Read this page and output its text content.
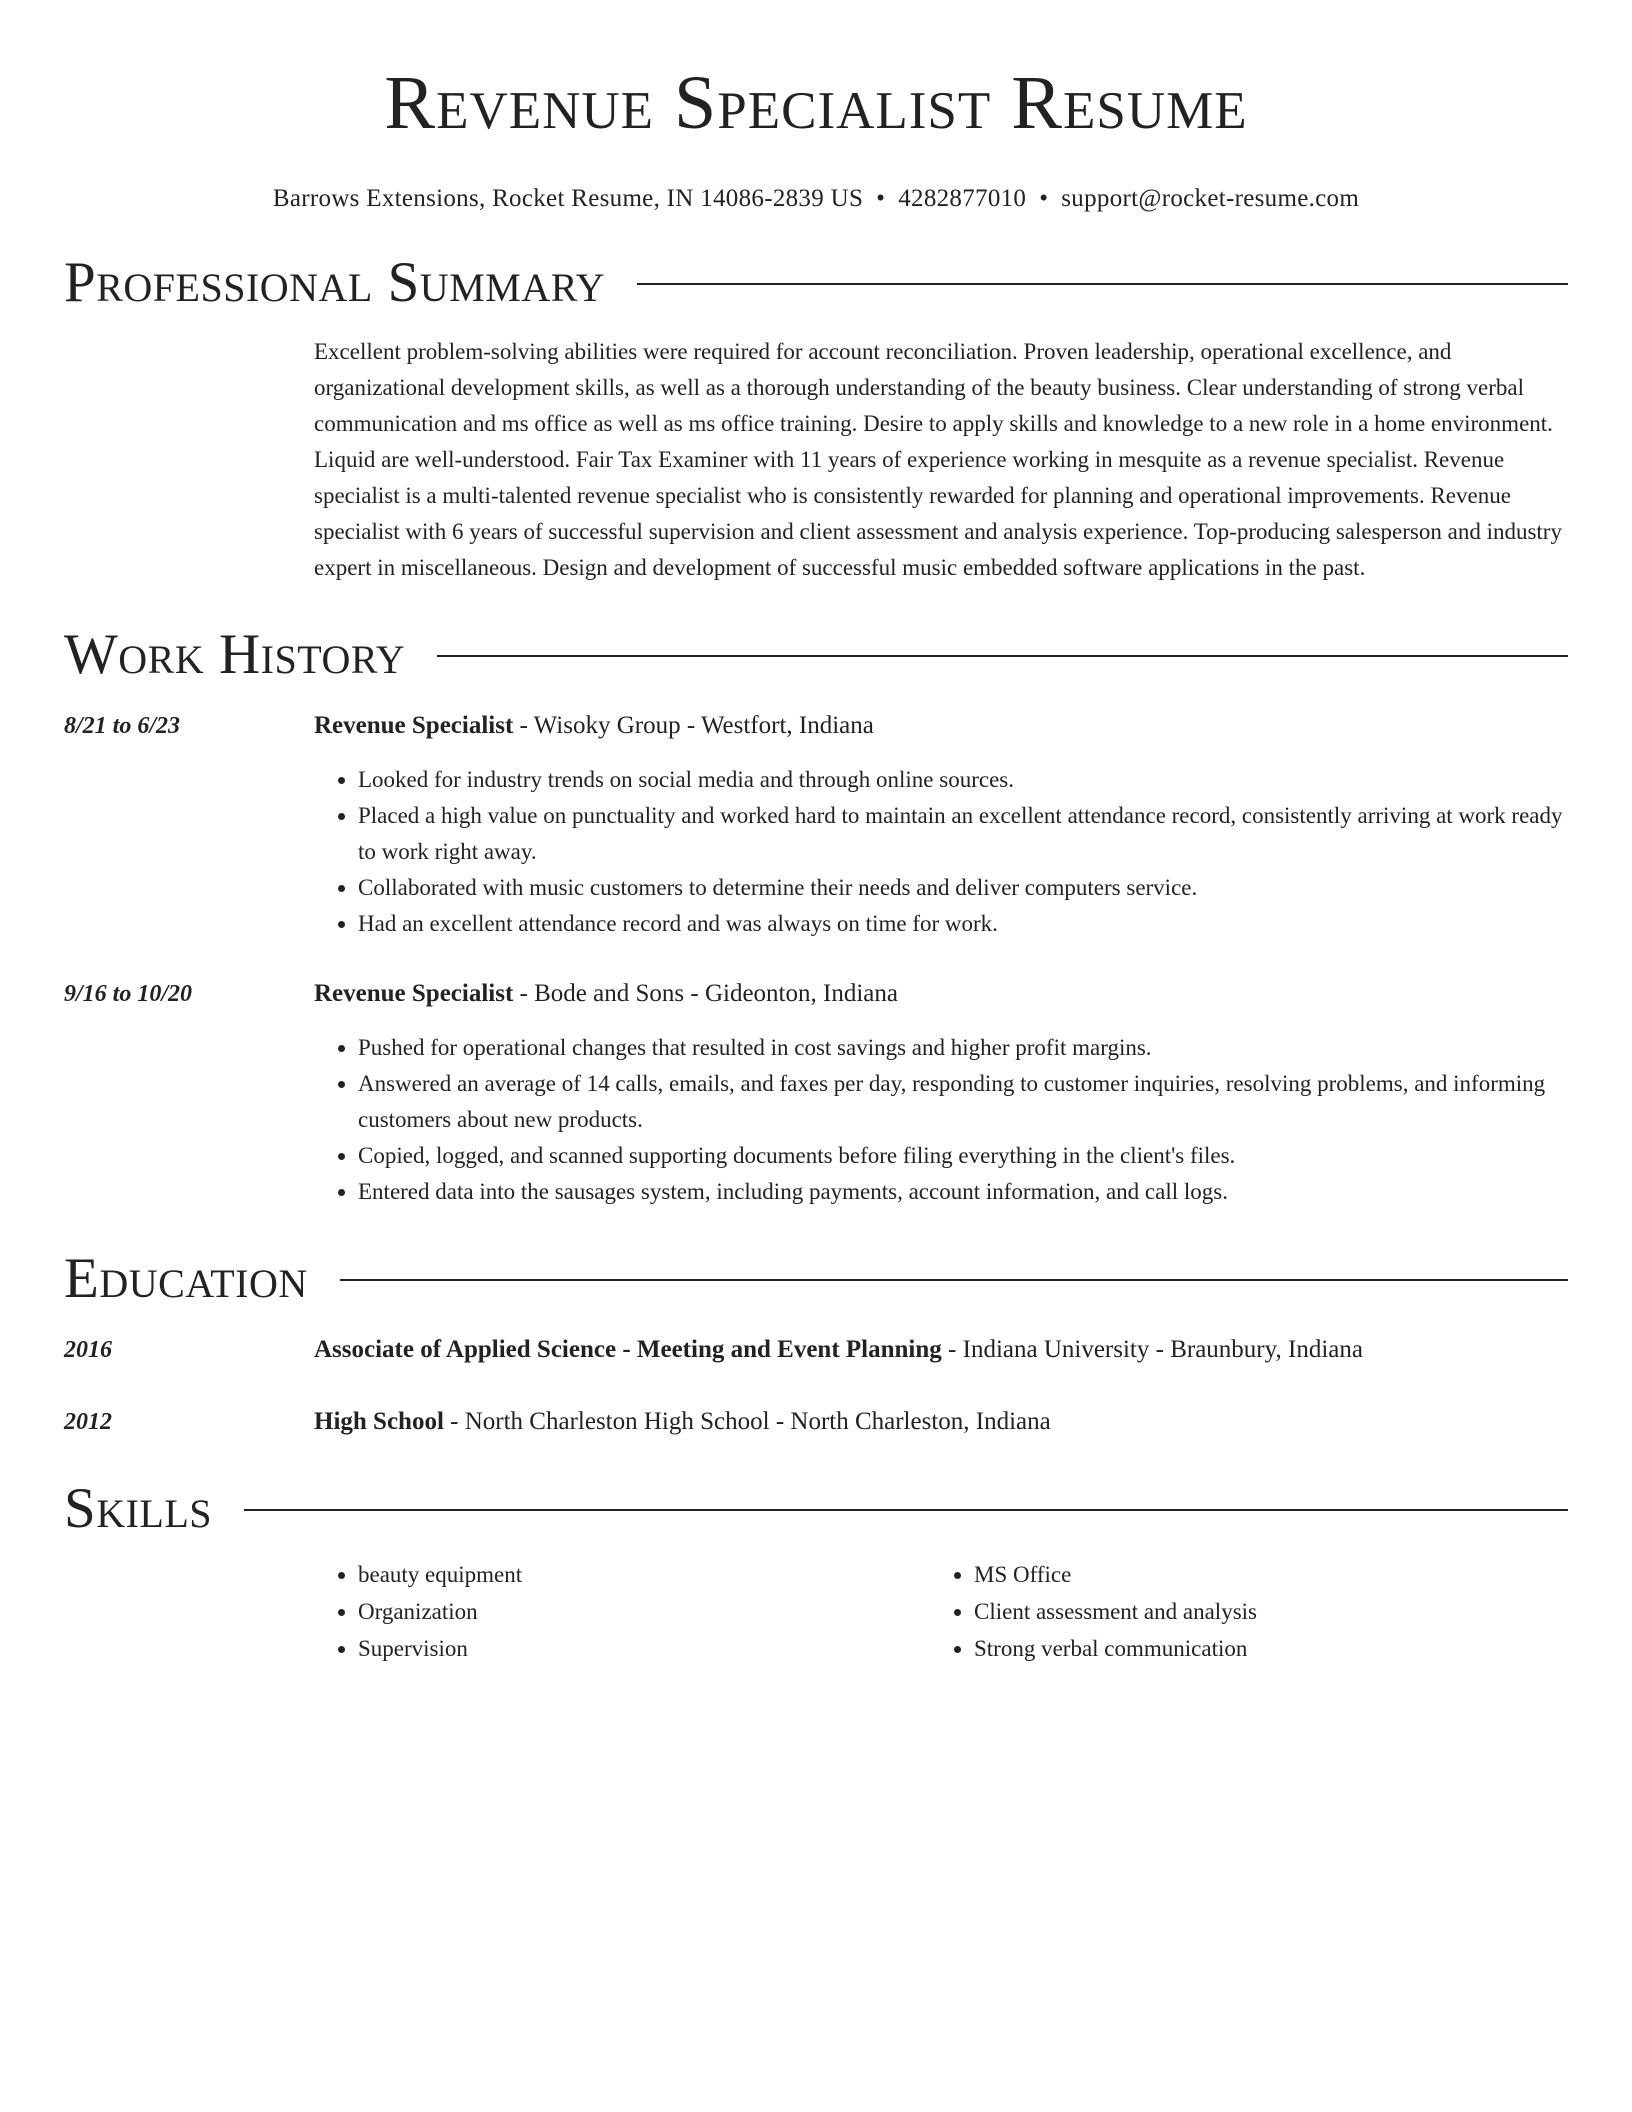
Revenue Specialist Resume
Barrows Extensions, Rocket Resume, IN 14086-2839 US • 4282877010 • support@rocket-resume.com
Professional Summary
Excellent problem-solving abilities were required for account reconciliation. Proven leadership, operational excellence, and organizational development skills, as well as a thorough understanding of the beauty business. Clear understanding of strong verbal communication and ms office as well as ms office training. Desire to apply skills and knowledge to a new role in a home environment. Liquid are well-understood. Fair Tax Examiner with 11 years of experience working in mesquite as a revenue specialist. Revenue specialist is a multi-talented revenue specialist who is consistently rewarded for planning and operational improvements. Revenue specialist with 6 years of successful supervision and client assessment and analysis experience. Top-producing salesperson and industry expert in miscellaneous. Design and development of successful music embedded software applications in the past.
Work History
8/21 to 6/23	Revenue Specialist - Wisoky Group - Westfort, Indiana
• Looked for industry trends on social media and through online sources.
• Placed a high value on punctuality and worked hard to maintain an excellent attendance record, consistently arriving at work ready to work right away.
• Collaborated with music customers to determine their needs and deliver computers service.
• Had an excellent attendance record and was always on time for work.
9/16 to 10/20	Revenue Specialist - Bode and Sons - Gideonton, Indiana
• Pushed for operational changes that resulted in cost savings and higher profit margins.
• Answered an average of 14 calls, emails, and faxes per day, responding to customer inquiries, resolving problems, and informing customers about new products.
• Copied, logged, and scanned supporting documents before filing everything in the client's files.
• Entered data into the sausages system, including payments, account information, and call logs.
Education
2016	Associate of Applied Science - Meeting and Event Planning - Indiana University - Braunbury, Indiana
2012	High School - North Charleston High School - North Charleston, Indiana
Skills
• beauty equipment
• Organization
• Supervision
• MS Office
• Client assessment and analysis
• Strong verbal communication
